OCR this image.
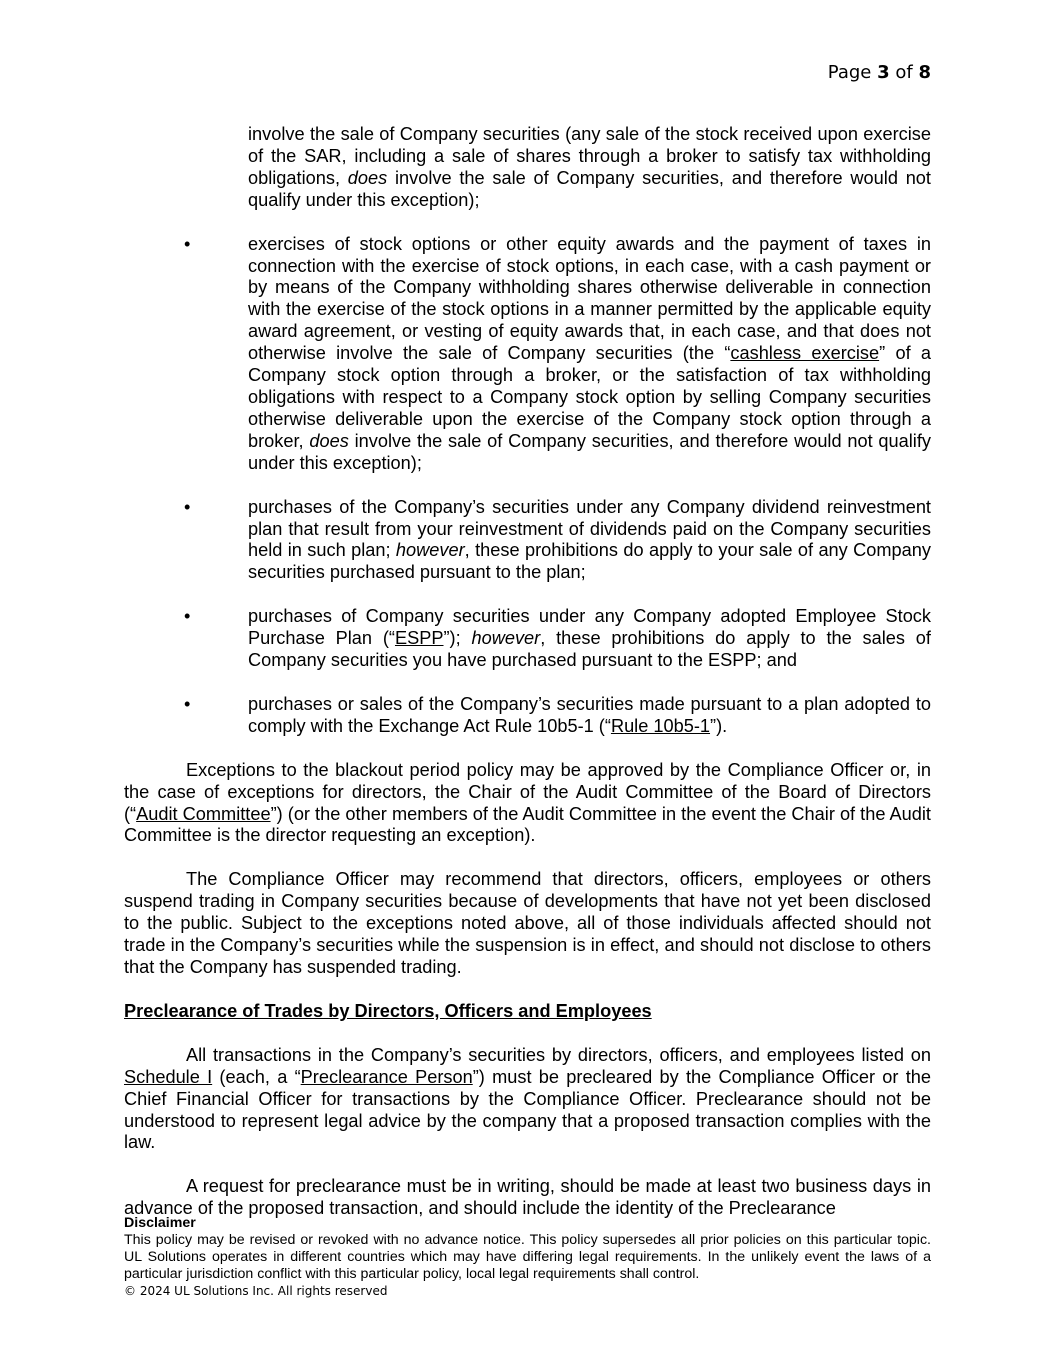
Page 3 of 8

involve the sale of Company securities (any sale of the stock received upon exercise of the SAR, including a sale of shares through a broker to satisfy tax withholding obligations, does involve the sale of Company securities, and therefore would not qualify under this exception);

•	exercises of stock options or other equity awards and the payment of taxes in connection with the exercise of stock options, in each case, with a cash payment or by means of the Company withholding shares otherwise deliverable in connection with the exercise of the stock options in a manner permitted by the applicable equity award agreement, or vesting of equity awards that, in each case, and that does not otherwise involve the sale of Company securities (the “cashless exercise” of a Company stock option through a broker, or the satisfaction of tax withholding obligations with respect to a Company stock option by selling Company securities otherwise deliverable upon the exercise of the Company stock option through a broker, does involve the sale of Company securities, and therefore would not qualify under this exception);
•	purchases of the Company’s securities under any Company dividend reinvestment plan that result from your reinvestment of dividends paid on the Company securities held in such plan; however, these prohibitions do apply to your sale of any Company securities purchased pursuant to the plan;
•	purchases of Company securities under any Company adopted Employee Stock Purchase Plan (“ESPP”); however, these prohibitions do apply to the sales of Company securities you have purchased pursuant to the ESPP; and
•	purchases or sales of the Company’s securities made pursuant to a plan adopted to comply with the Exchange Act Rule 10b5-1 (“Rule 10b5-1”).

Exceptions to the blackout period policy may be approved by the Compliance Officer or, in the case of exceptions for directors, the Chair of the Audit Committee of the Board of Directors (“Audit Committee”) (or the other members of the Audit Committee in the event the Chair of the Audit Committee is the director requesting an exception).

The Compliance Officer may recommend that directors, officers, employees or others suspend trading in Company securities because of developments that have not yet been disclosed to the public. Subject to the exceptions noted above, all of those individuals affected should not trade in the Company’s securities while the suspension is in effect, and should not disclose to others that the Company has suspended trading.

Preclearance of Trades by Directors, Officers and Employees

All transactions in the Company’s securities by directors, officers, and employees listed on Schedule I (each, a “Preclearance Person”) must be precleared by the Compliance Officer or the Chief Financial Officer for transactions by the Compliance Officer. Preclearance should not be understood to represent legal advice by the company that a proposed transaction complies with the law.

A request for preclearance must be in writing, should be made at least two business days in advance of the proposed transaction, and should include the identity of the Preclearance

Disclaimer
This policy may be revised or revoked with no advance notice. This policy supersedes all prior policies on this particular topic. UL Solutions operates in different countries which may have differing legal requirements. In the unlikely event the laws of a particular jurisdiction conflict with this particular policy, local legal requirements shall control.
© 2024 UL Solutions Inc. All rights reserved
